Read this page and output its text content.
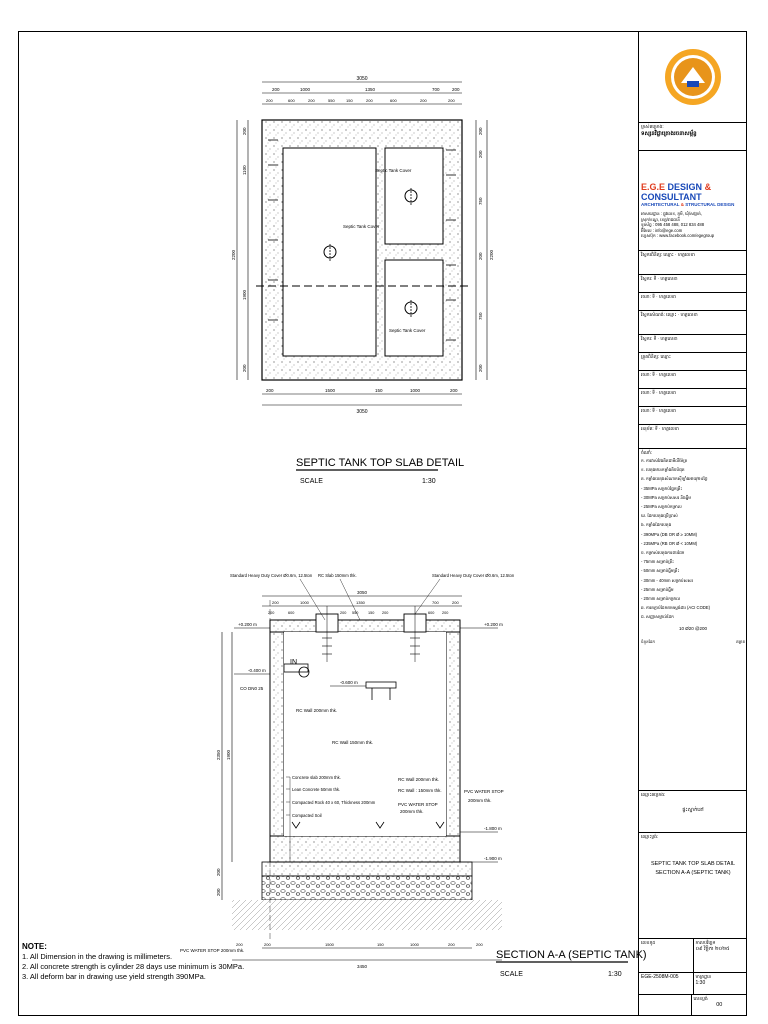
Septic Tank Cover
Septic Tank Cover
Septic Tank Cover
3050
200	1000	1350	700	200
200	600	200	550	150	200	600	200	200
200	1500	150	1000	200
3050
200
1100
2200
1900
200
200
200
750
200
750
200
2200
SEPTIC TANK TOP SLAB DETAIL
SCALE	1:30
+0.200 m	+0.200 m
-0.400 m
-0.600 m
-1.800 m
-1.900 m
3050
200	1000	1350	700	200
200	600	200 550	150 200	600 200
200	200	1500	150	1000	200	200
3450
2350 1900
200
200
Standard Heavy Duty Cover Ø0.6m, 12.5ton RC Slab 150mm thk.	Standard Heavy Duty Cover Ø0.6m, 12.5ton
IN
CO DN0 25
RC Wall 200mm thk.
RC Wall 150mm thk.
RC Wall 200mm thk.
RC Wall : 150mm thk.
PVC WATER STOP
200mm thk.
PVC WATER STOP
200mm thk.
PVC WATER STOP 200mm thk.
Concrete slab 200mm thk.
Lean Concrete 50mm thk.
Compacted Rock 40 x 60, Thickness 200mm
Compacted Soil
SECTION A-A (SEPTIC TANK)
SCALE	1:30
NOTE:

1. All Dimension in the drawing is millimeters.
2. All concrete strength is cylinder 28 days use minimum is 30MPa.
3. All deform bar in drawing use yield strength 390MPa.
ម្ចាស់គម្រោង:
ទស្សនវិជ្ជាគ្រោងរចនាសម្ព័ន្ធ
E.G.E DESIGN & CONSULTANT
ARCHITECTURAL & STRUCTURAL DESIGN
អាសយដ្ឋាន : ផ្លូវលេខ, ភូមិ, ឃុំ/សង្កាត់,
ស្រុក/ខណ្ឌ, ខេត្ត/រាជធានី
ទូរស័ព្ទ : 095 458 488, 012 834 488
អ៊ីមែល : info@ege.com
ហ្វេសប៊ុក : www.facebook.com/egegroup
វិស្វករពិនិត្យ: ឈ្មោះ · ហត្ថលេខា
វិស្វករ: ទី · ហត្ថលេខា
រចនា: ទី · ហត្ថលេខា
វិស្វករសំណង់: ឈ្មោះ · ហត្ថលេខា
វិស្វករ: ទី · ហត្ថលេខា
ត្រួតពិនិត្យ: ឈ្មោះ
រចនា: ទី · ហត្ថលេខា
រចនា: ទី · ហត្ថលេខា
រចនា: ទី · ហត្ថលេខា
អនុម័ត: ទី · ហត្ថលេខា
ចំណាំ:
ក. ការវាស់វែងគិតជាមីលីម៉ែត្រ
ខ. បេតុងមានកម្លាំងតិចបំផុត
គ. កម្លាំងបេតុងសំណាកស៊ីឡាំងអាយុ២៨ថ្ងៃ
- 35MPa សម្រាប់ផ្នែកគ្រឹះ
- 30MPa សម្រាប់សសរ និងធ្នឹម
- 25MPa សម្រាប់កម្រាល
ឃ. ដែកបេតុងប្រើប្រាស់
ង. កម្លាំងដែកបេតុង
- 390MPa (DB OR Ø ≥ 10MM)
- 235MPa (RB OR Ø < 10MM)
ច. កម្រាស់បេតុងការពារដែក
- 75mm សម្រាប់គ្រឹះ
- 50mm សម្រាប់ធ្នឹមគ្រឹះ
- 30mm - 40mm សម្រាប់សសរ
- 25mm សម្រាប់ធ្នឹម
- 20mm សម្រាប់កម្រាល
ឆ. ការតភ្ជាប់ដែកតាមស្តង់ដារ (ACI CODE)
ជ. សញ្ញាសម្គាល់ដែក
10 Ø20 @200
ចំនួនដែក	គម្លាត
ឈ្មោះគម្រោង:
ផ្ទះស្នាក់នៅ
ឈ្មោះប្លង់:
SEPTIC TANK TOP SLAB DETAIL
SECTION A-A (SEPTIC TANK)
លេខកូដ	កាលបរិច្ឆេទ
០៩ វិច្ឆិកា ២០២៥
EGE-2508M-005	មាត្រដ្ឋាន
1:30
លេខប្លង់
00
